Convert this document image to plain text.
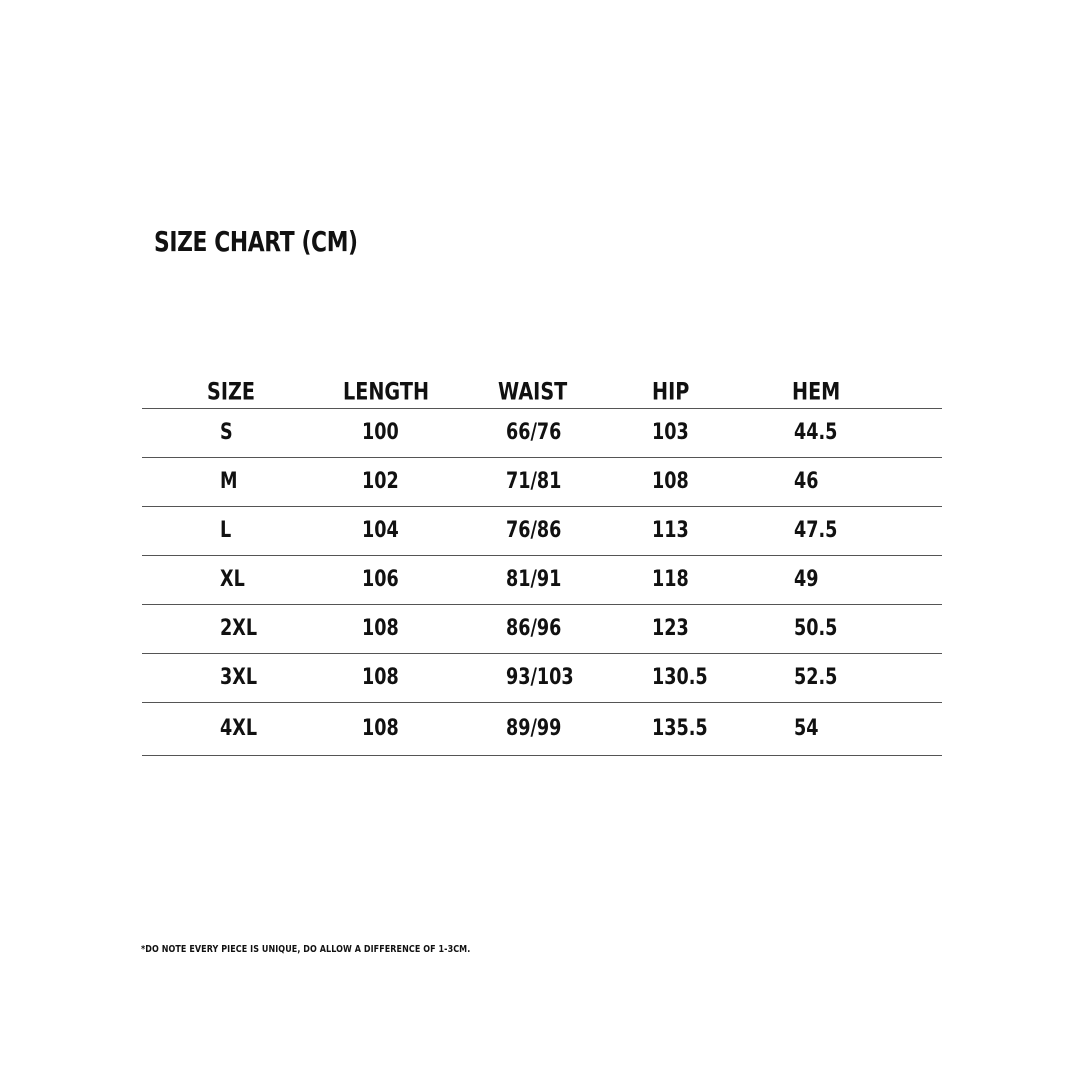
SIZE CHART (CM)
SIZE	LENGTH	WAIST	HIP	HEM
S	100	66/76	103	44.5
M	102	71/81	108	46
L	104	76/86	113	47.5
XL	106	81/91	118	49
2XL	108	86/96	123	50.5
3XL	108	93/103	130.5	52.5
4XL	108	89/99	135.5	54
*DO NOTE EVERY PIECE IS UNIQUE, DO ALLOW A DIFFERENCE OF 1-3CM.
